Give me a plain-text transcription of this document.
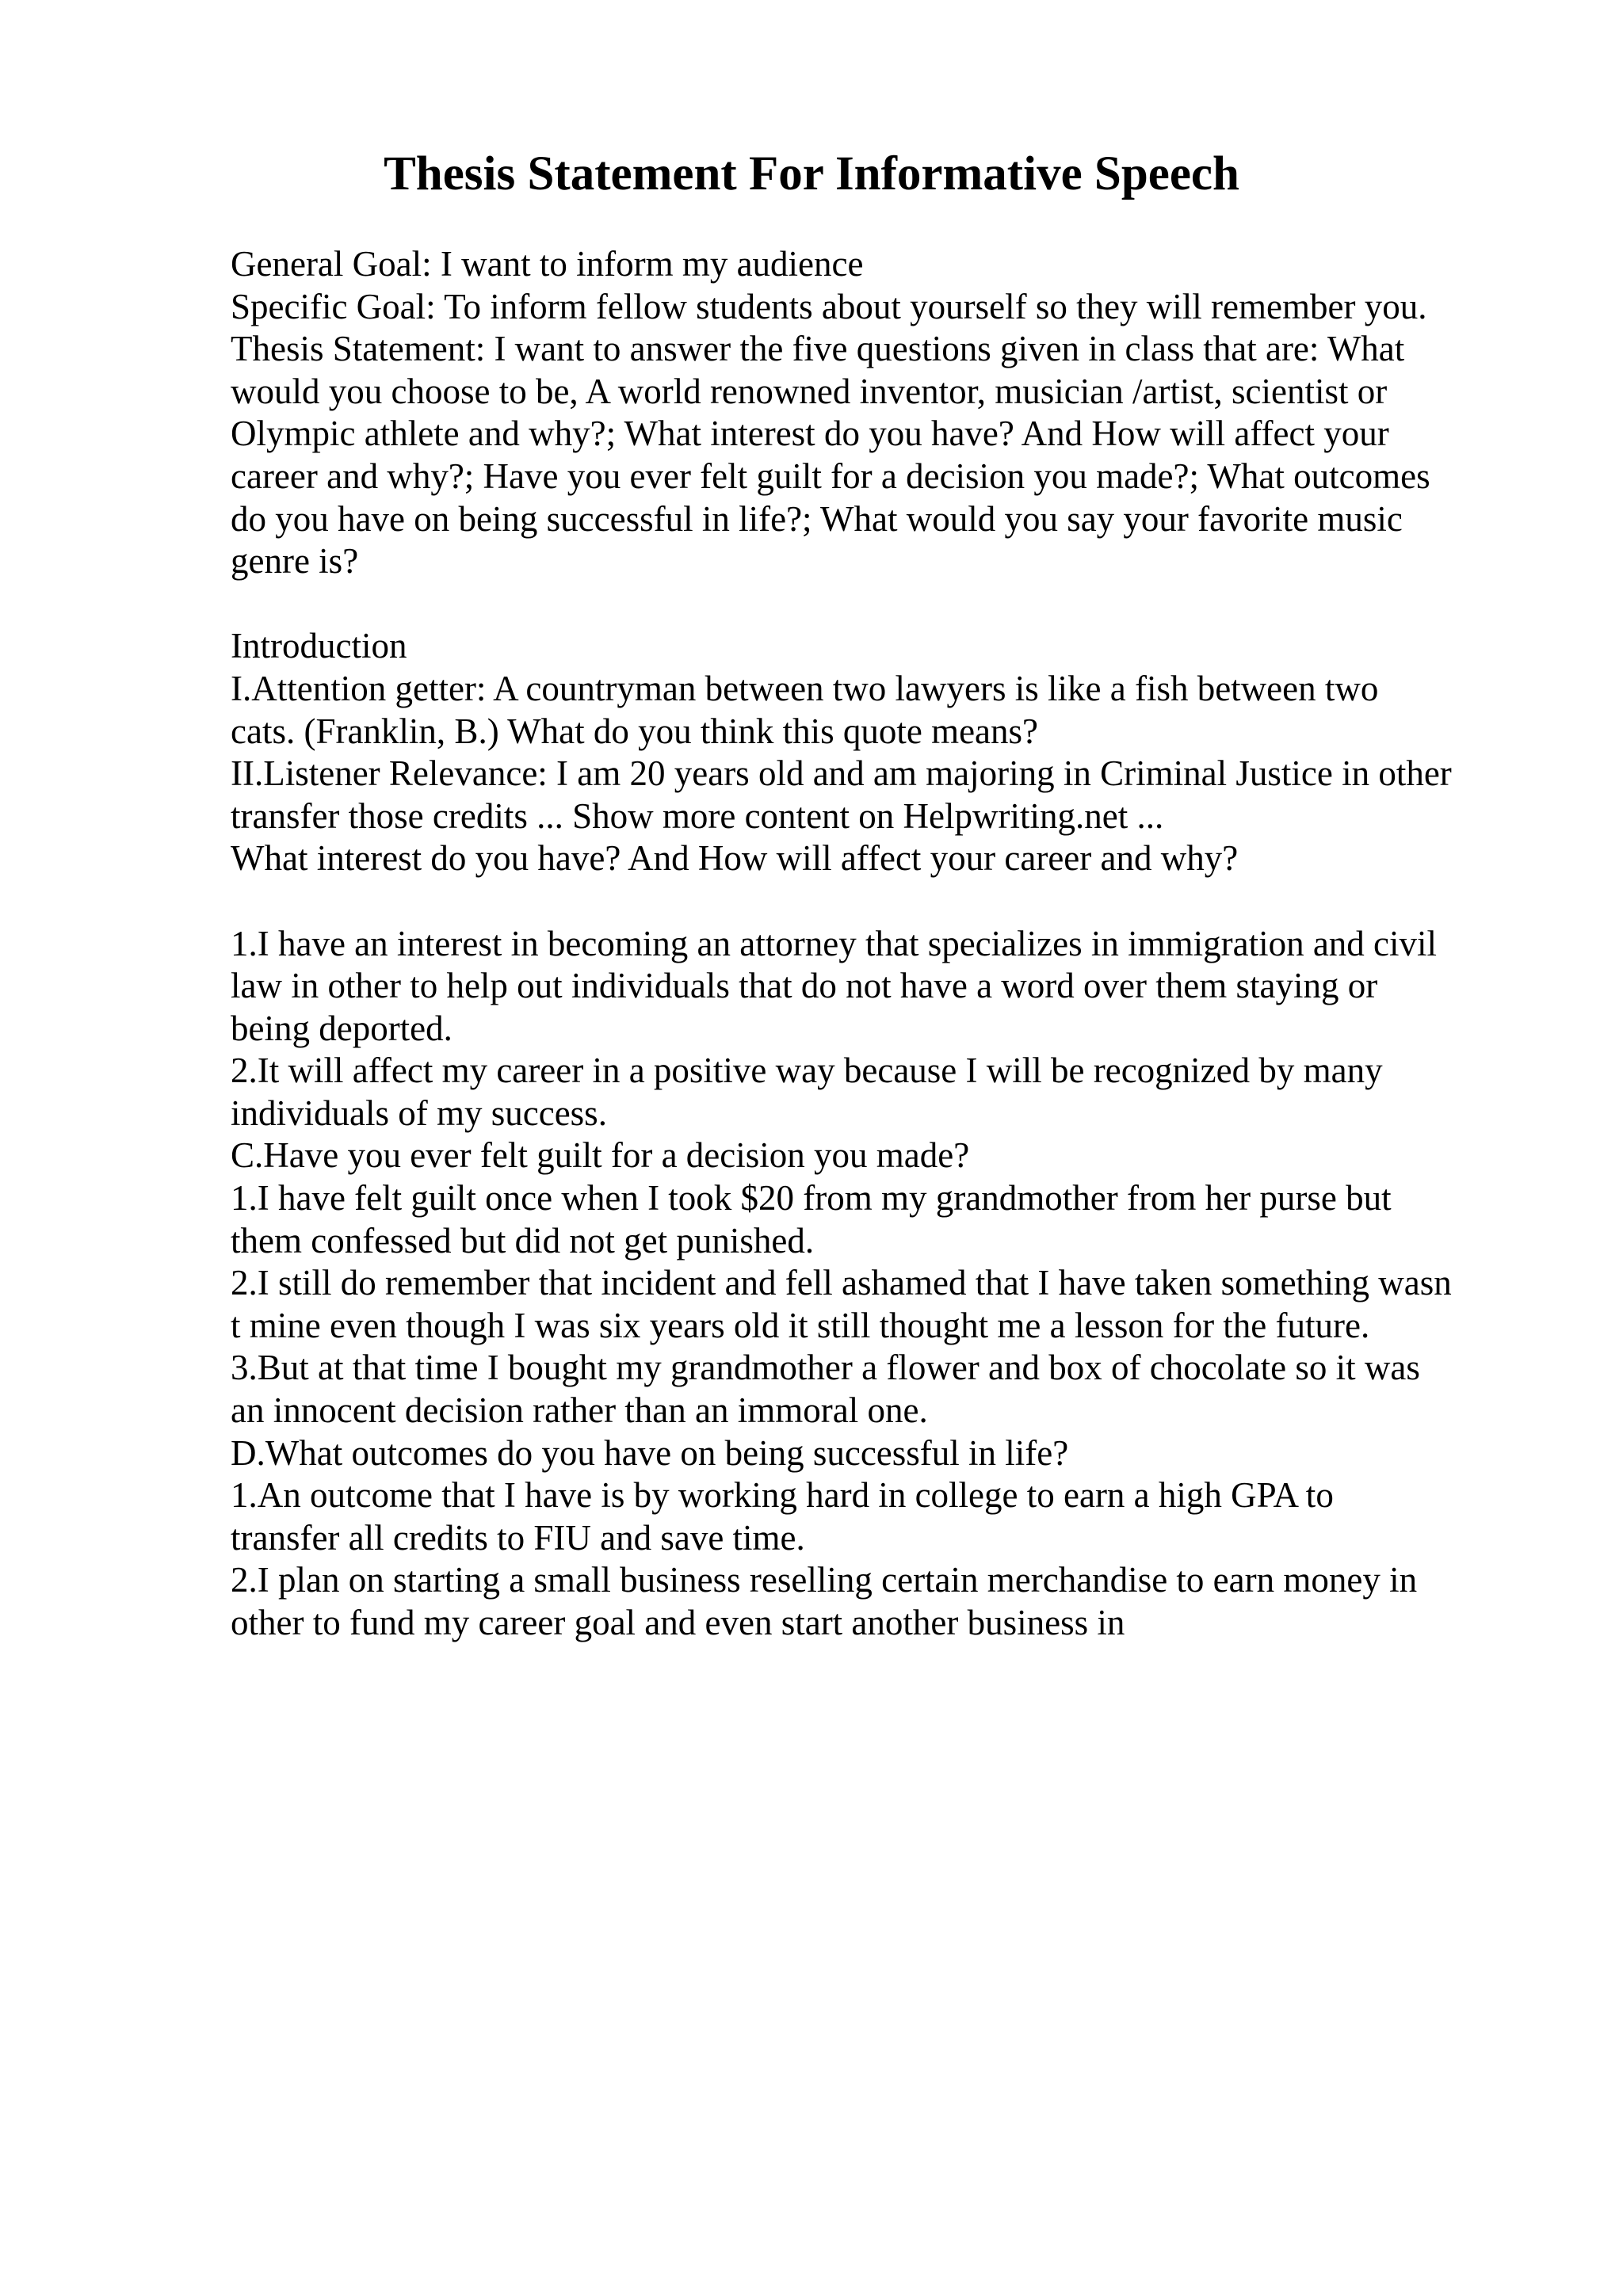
Thesis Statement For Informative Speech
General Goal: I want to inform my audience
Specific Goal: To inform fellow students about yourself so they will remember you.
Thesis Statement: I want to answer the five questions given in class that are: What
would you choose to be, A world renowned inventor, musician /artist, scientist or
Olympic athlete and why?; What interest do you have? And How will affect your
career and why?; Have you ever felt guilt for a decision you made?; What outcomes
do you have on being successful in life?; What would you say your favorite music
genre is?
Introduction
I.Attention getter: A countryman between two lawyers is like a fish between two
cats. (Franklin, B.) What do you think this quote means?
II.Listener Relevance: I am 20 years old and am majoring in Criminal Justice in other
transfer those credits ... Show more content on Helpwriting.net ...
What interest do you have? And How will affect your career and why?
1.I have an interest in becoming an attorney that specializes in immigration and civil
law in other to help out individuals that do not have a word over them staying or
being deported.
2.It will affect my career in a positive way because I will be recognized by many
individuals of my success.
C.Have you ever felt guilt for a decision you made?
1.I have felt guilt once when I took $20 from my grandmother from her purse but
them confessed but did not get punished.
2.I still do remember that incident and fell ashamed that I have taken something wasn
t mine even though I was six years old it still thought me a lesson for the future.
3.But at that time I bought my grandmother a flower and box of chocolate so it was
an innocent decision rather than an immoral one.
D.What outcomes do you have on being successful in life?
1.An outcome that I have is by working hard in college to earn a high GPA to
transfer all credits to FIU and save time.
2.I plan on starting a small business reselling certain merchandise to earn money in
other to fund my career goal and even start another business in
